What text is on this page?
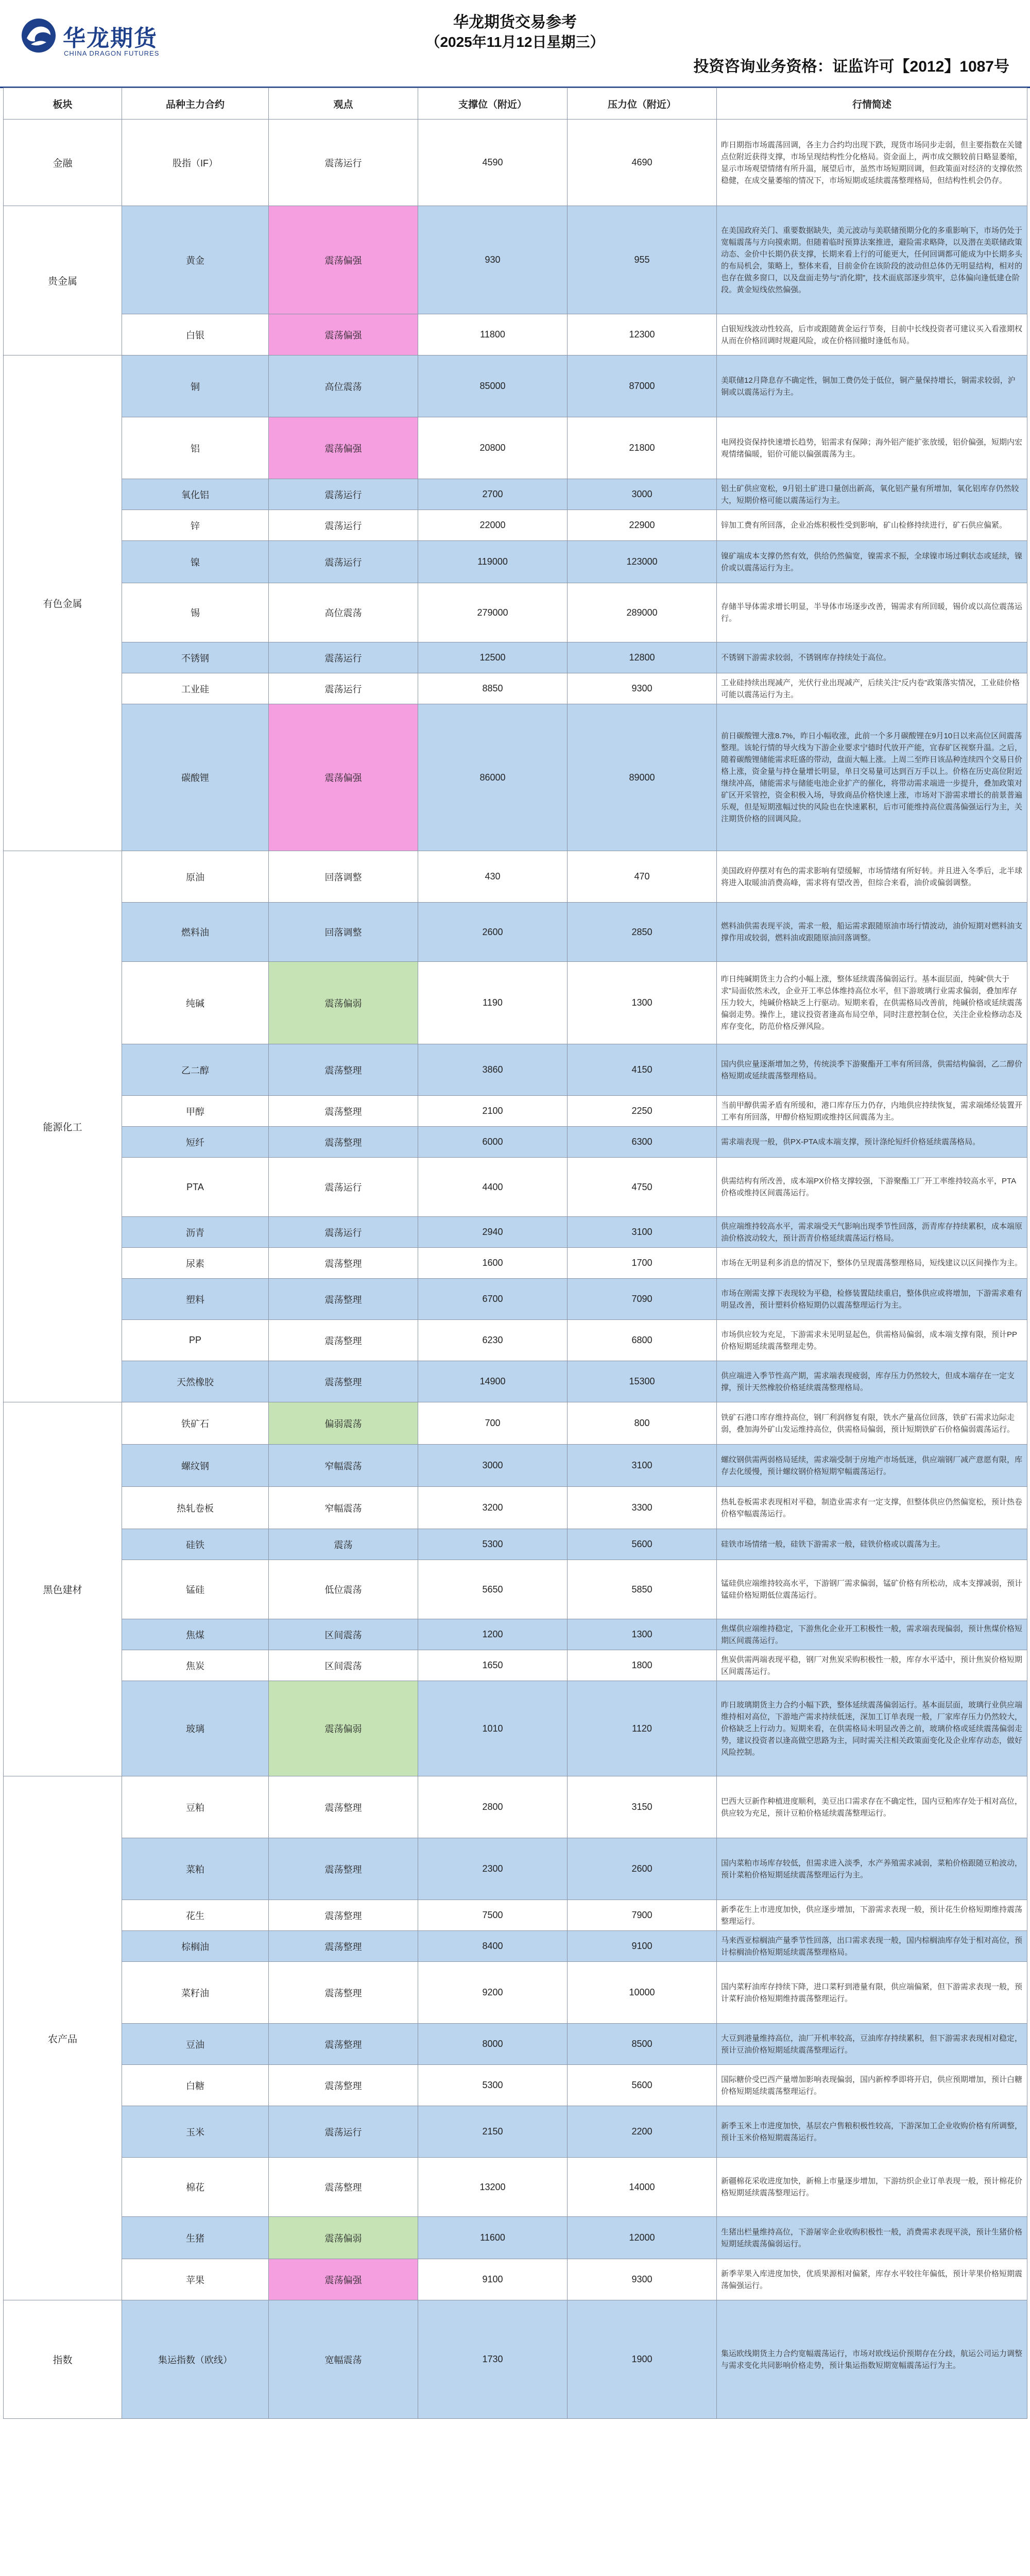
华龙期货
CHINA DRAGON FUTURES
华龙期货交易参考
（2025年11月12日星期三）
投资咨询业务资格：证监许可【2012】1087号
板块	品种主力合约	观点	支撑位（附近）	压力位（附近）	行情简述
金融	股指（IF）	震荡运行	4590	4690	昨日期指市场震荡回调，各主力合约均出现下跌，现货市场同步走弱，但主要指数在关键点位附近获得支撑，市场呈现结构性分化格局。资金面上，两市成交额较前日略显萎缩，显示市场观望情绪有所升温，展望后市，虽然市场短期回调，但政策面对经济的支撑依然稳健，在成交量萎缩的情况下，市场短期或延续震荡整理格局，但结构性机会仍存。
贵金属	黄金	震荡偏强	930	955	在美国政府关门、重要数据缺失，美元波动与美联储预期分化的多重影响下，市场仍处于宽幅震荡与方向摸索期。但随着临时预算法案推进，避险需求略降，以及潜在美联储政策动态、金价中长期仍获支撑，长期来看上行的可能更大，任何回调都可能成为中长期多头的布局机会，策略上，整体来看，目前金价在该阶段的波动但总体仍无明显结构，相对的也存在做多窗口，以及盘面走势与“消化期”，技术面底部逐步筑牢，总体偏向逢低建仓阶段。黄金短线依然偏强。
	白银	震荡偏强	11800	12300	白银短线波动性较高，后市或跟随黄金运行节奏，目前中长线投资者可建议买入看涨期权从而在价格回调时规避风险，或在价格回撤时逢低布局。
有色金属	铜	高位震荡	85000	87000	美联储12月降息存不确定性，铜加工费仍处于低位，铜产量保持增长，铜需求较弱，沪铜或以震荡运行为主。
	铝	震荡偏强	20800	21800	电网投资保持快速增长趋势，铝需求有保障；海外铝产能扩张放缓，铝价偏强，短期内宏观情绪偏暖，铝价可能以偏强震荡为主。
	氧化铝	震荡运行	2700	3000	铝土矿供应宽松，9月铝土矿进口量创出新高，氧化铝产量有所增加，氧化铝库存仍然较大，短期价格可能以震荡运行为主。
	锌	震荡运行	22000	22900	锌加工费有所回落，企业冶炼积极性受到影响，矿山检修持续进行，矿石供应偏紧。
	镍	震荡运行	119000	123000	镍矿端成本支撑仍然有效，供给仍然偏宽，镍需求不振，全球镍市场过剩状态或延续，镍价或以震荡运行为主。
	锡	高位震荡	279000	289000	存储半导体需求增长明显，半导体市场逐步改善，锡需求有所回暖，锡价或以高位震荡运行。
	不锈钢	震荡运行	12500	12800	不锈钢下游需求较弱，不锈钢库存持续处于高位。
	工业硅	震荡运行	8850	9300	工业硅持续出现减产，光伏行业出现减产，后续关注“反内卷”政策落实情况，工业硅价格可能以震荡运行为主。
	碳酸锂	震荡偏强	86000	89000	前日碳酸锂大涨8.7%，昨日小幅收涨，此前一个多月碳酸锂在9月10日以来高位区间震荡整理。该轮行情的导火线为下游企业要求宁德时代放开产能，宜春矿区视察升温。之后，随着碳酸锂储能需求旺盛的带动，盘面大幅上涨。上周二至昨日该品种连续四个交易日价格上涨，资金量与持仓量增长明显，单日交易量可达到百万手以上。价格在历史高位附近继续冲高，储能需求与储能电池企业扩产的催化，将带动需求端进一步提升，叠加政策对矿区开采管控，资金积极入场，导致商品价格快速上涨，市场对下游需求增长的前景普遍乐观，但是短期涨幅过快的风险也在快速累积，后市可能维持高位震荡偏强运行为主，关注期货价格的回调风险。
能源化工	原油	回落调整	430	470	美国政府停摆对有色的需求影响有望缓解，市场情绪有所好转。并且进入冬季后，北半球将进入取暖油消费高峰，需求将有望改善，但综合来看，油价或偏弱调整。
	燃料油	回落调整	2600	2850	燃料油供需表现平淡，需求一般，船运需求跟随原油市场行情波动，油价短期对燃料油支撑作用或较弱，燃料油或跟随原油回落调整。
	纯碱	震荡偏弱	1190	1300	昨日纯碱期货主力合约小幅上涨，整体延续震荡偏弱运行。基本面层面，纯碱“供大于求”局面依然未改，企业开工率总体维持高位水平，但下游玻璃行业需求偏弱，叠加库存压力较大，纯碱价格缺乏上行驱动。短期来看，在供需格局改善前，纯碱价格或延续震荡偏弱走势。操作上，建议投资者逢高布局空单，同时注意控制仓位，关注企业检修动态及库存变化，防范价格反弹风险。
	乙二醇	震荡整理	3860	4150	国内供应量逐渐增加之势，传统淡季下游聚酯开工率有所回落，供需结构偏弱，乙二醇价格短期或延续震荡整理格局。
	甲醇	震荡整理	2100	2250	当前甲醇供需矛盾有所缓和，港口库存压力仍存，内地供应持续恢复，需求端烯烃装置开工率有所回落，甲醇价格短期或维持区间震荡为主。
	短纤	震荡整理	6000	6300	需求端表现一般，供PX-PTA成本端支撑，预计涤纶短纤价格延续震荡格局。
	PTA	震荡运行	4400	4750	供需结构有所改善，成本端PX价格支撑较强，下游聚酯工厂开工率维持较高水平，PTA价格或维持区间震荡运行。
	沥青	震荡运行	2940	3100	供应端维持较高水平，需求端受天气影响出现季节性回落，沥青库存持续累积，成本端原油价格波动较大，预计沥青价格延续震荡运行格局。
	尿素	震荡整理	1600	1700	市场在无明显利多消息的情况下，整体仍呈现震荡整理格局，短线建议以区间操作为主。
	塑料	震荡整理	6700	7090	市场在刚需支撑下表现较为平稳，检修装置陆续重启，整体供应或将增加，下游需求难有明显改善，预计塑料价格短期仍以震荡整理运行为主。
	PP	震荡整理	6230	6800	市场供应较为充足，下游需求未见明显起色，供需格局偏弱，成本端支撑有限，预计PP价格短期延续震荡整理走势。
	天然橡胶	震荡整理	14900	15300	供应端进入季节性高产期，需求端表现疲弱，库存压力仍然较大，但成本端存在一定支撑，预计天然橡胶价格延续震荡整理格局。
黑色建材	铁矿石	偏弱震荡	700	800	铁矿石港口库存维持高位，钢厂利润修复有限，铁水产量高位回落，铁矿石需求边际走弱，叠加海外矿山发运维持高位，供需格局偏弱，预计短期铁矿石价格偏弱震荡运行。
	螺纹钢	窄幅震荡	3000	3100	螺纹钢供需两弱格局延续，需求端受制于房地产市场低迷，供应端钢厂减产意愿有限，库存去化缓慢，预计螺纹钢价格短期窄幅震荡运行。
	热轧卷板	窄幅震荡	3200	3300	热轧卷板需求表现相对平稳，制造业需求有一定支撑，但整体供应仍然偏宽松，预计热卷价格窄幅震荡运行。
	硅铁	震荡	5300	5600	硅铁市场情绪一般，硅铁下游需求一般，硅铁价格或以震荡为主。
	锰硅	低位震荡	5650	5850	锰硅供应端维持较高水平，下游钢厂需求偏弱，锰矿价格有所松动，成本支撑减弱，预计锰硅价格短期低位震荡运行。
	焦煤	区间震荡	1200	1300	焦煤供应端维持稳定，下游焦化企业开工积极性一般，需求端表现偏弱，预计焦煤价格短期区间震荡运行。
	焦炭	区间震荡	1650	1800	焦炭供需两端表现平稳，钢厂对焦炭采购积极性一般，库存水平适中，预计焦炭价格短期区间震荡运行。
	玻璃	震荡偏弱	1010	1120	昨日玻璃期货主力合约小幅下跌，整体延续震荡偏弱运行。基本面层面，玻璃行业供应端维持相对高位，下游地产需求持续低迷，深加工订单表现一般，厂家库存压力仍然较大，价格缺乏上行动力。短期来看，在供需格局未明显改善之前，玻璃价格或延续震荡偏弱走势，建议投资者以逢高做空思路为主，同时需关注相关政策面变化及企业库存动态，做好风险控制。
农产品	豆粕	震荡整理	2800	3150	巴西大豆新作种植进度顺利，美豆出口需求存在不确定性，国内豆粕库存处于相对高位，供应较为充足，预计豆粕价格延续震荡整理运行。
	菜粕	震荡整理	2300	2600	国内菜粕市场库存较低，但需求进入淡季，水产养殖需求减弱，菜粕价格跟随豆粕波动，预计菜粕价格短期延续震荡整理运行为主。
	花生	震荡整理	7500	7900	新季花生上市进度加快，供应逐步增加，下游需求表现一般，预计花生价格短期维持震荡整理运行。
	棕榈油	震荡整理	8400	9100	马来西亚棕榈油产量季节性回落，出口需求表现一般，国内棕榈油库存处于相对高位，预计棕榈油价格短期延续震荡整理格局。
	菜籽油	震荡整理	9200	10000	国内菜籽油库存持续下降，进口菜籽到港量有限，供应端偏紧，但下游需求表现一般，预计菜籽油价格短期维持震荡整理运行。
	豆油	震荡整理	8000	8500	大豆到港量维持高位，油厂开机率较高，豆油库存持续累积，但下游需求表现相对稳定，预计豆油价格短期延续震荡整理运行。
	白糖	震荡整理	5300	5600	国际糖价受巴西产量增加影响表现偏弱，国内新榨季即将开启，供应预期增加，预计白糖价格短期延续震荡整理运行。
	玉米	震荡运行	2150	2200	新季玉米上市进度加快，基层农户售粮积极性较高，下游深加工企业收购价格有所调整，预计玉米价格短期震荡运行。
	棉花	震荡整理	13200	14000	新疆棉花采收进度加快，新棉上市量逐步增加，下游纺织企业订单表现一般，预计棉花价格短期延续震荡整理运行。
	生猪	震荡偏弱	11600	12000	生猪出栏量维持高位，下游屠宰企业收购积极性一般，消费需求表现平淡，预计生猪价格短期延续震荡偏弱运行。
	苹果	震荡偏强	9100	9300	新季苹果入库进度加快，优质果源相对偏紧，库存水平较往年偏低，预计苹果价格短期震荡偏强运行。
指数	集运指数（欧线）	宽幅震荡	1730	1900	集运欧线期货主力合约宽幅震荡运行，市场对欧线运价预期存在分歧，航运公司运力调整与需求变化共同影响价格走势，预计集运指数短期宽幅震荡运行为主。
